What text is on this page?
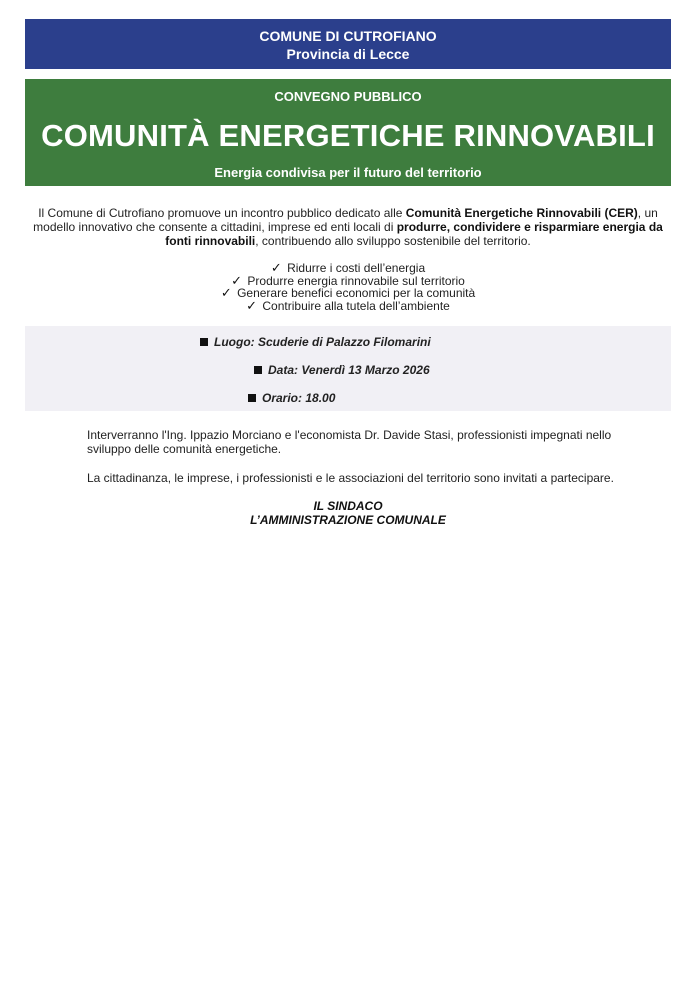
COMUNE DI CUTROFIANO
Provincia di Lecce
CONVEGNO PUBBLICO
COMUNITÀ ENERGETICHE RINNOVABILI
Energia condivisa per il futuro del territorio
Il Comune di Cutrofiano promuove un incontro pubblico dedicato alle Comunità Energetiche Rinnovabili (CER), un modello innovativo che consente a cittadini, imprese ed enti locali di produrre, condividere e risparmiare energia da fonti rinnovabili, contribuendo allo sviluppo sostenibile del territorio.
✓ Ridurre i costi dell’energia
✓ Produrre energia rinnovabile sul territorio
✓ Generare benefici economici per la comunità
✓ Contribuire alla tutela dell’ambiente
Luogo: Scuderie di Palazzo Filomarini
Data: Venerdì 13 Marzo 2026
Orario: 18.00
Interverranno l'Ing. Ippazio Morciano e l'economista Dr. Davide Stasi, professionisti impegnati nello sviluppo delle comunità energetiche.
La cittadinanza, le imprese, i professionisti e le associazioni del territorio sono invitati a partecipare.
IL SINDACO
L’AMMINISTRAZIONE COMUNALE
